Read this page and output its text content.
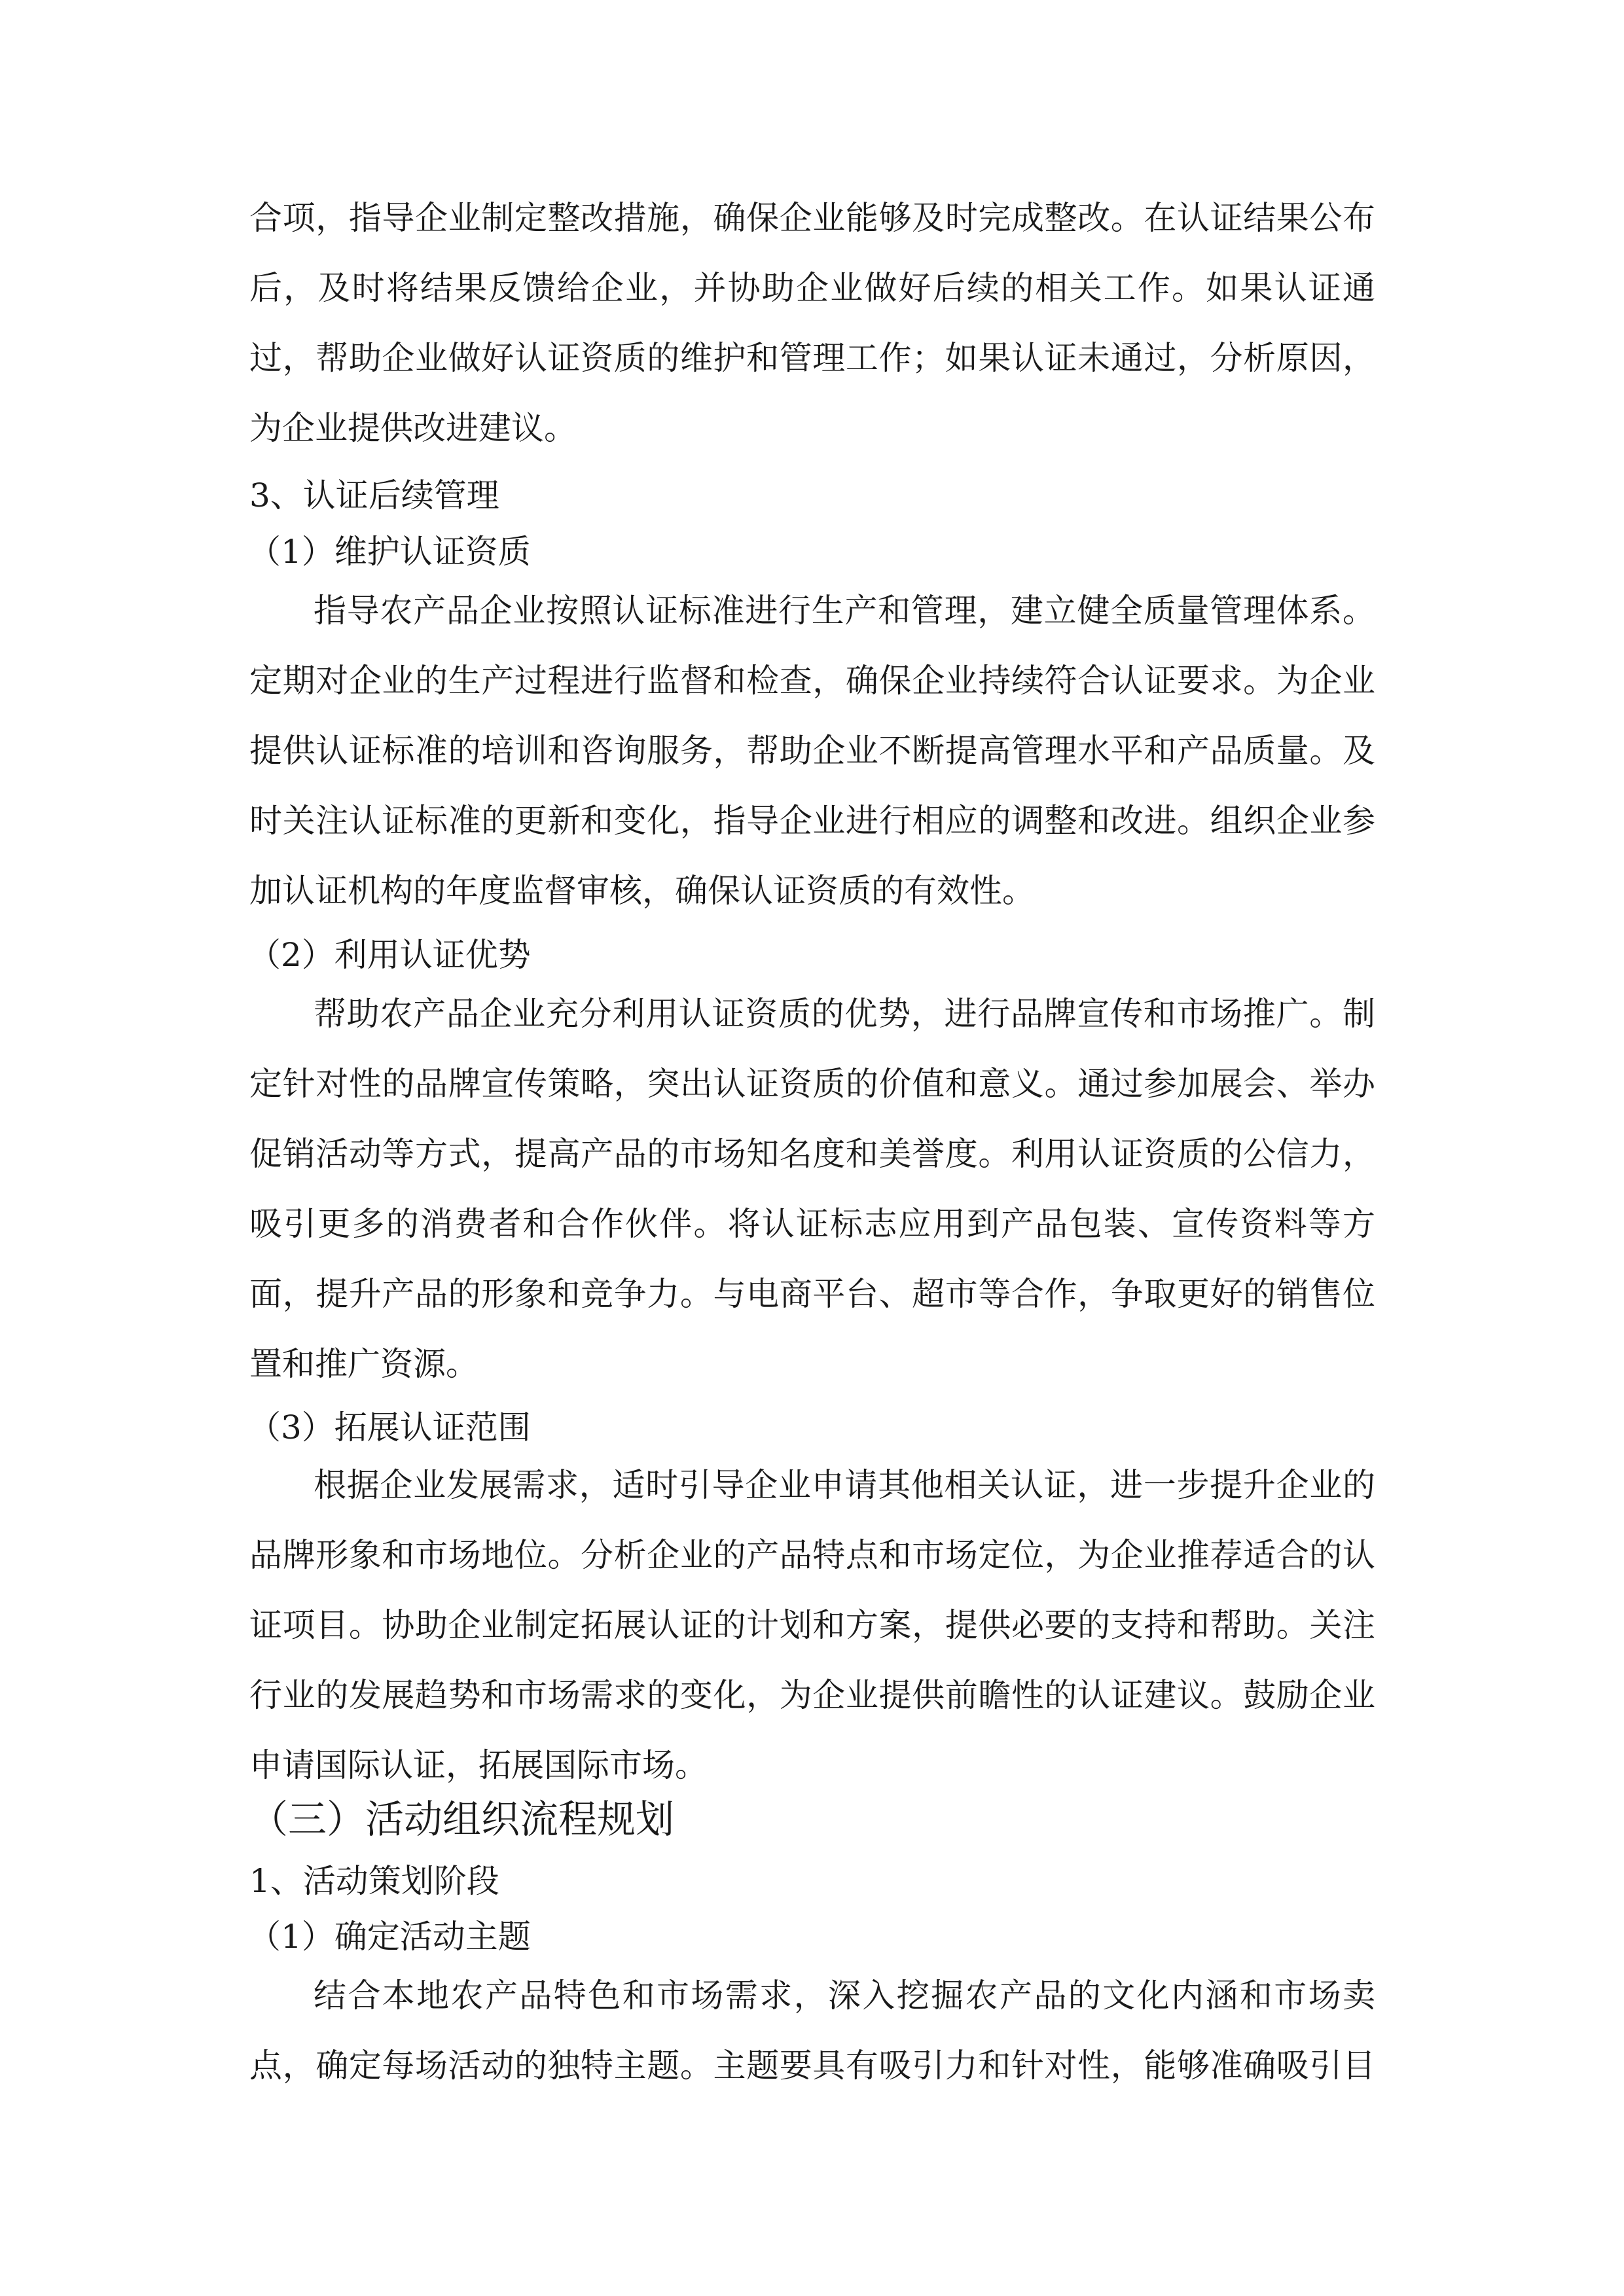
合项，指导企业制定整改措施，确保企业能够及时完成整改。在认证结果公布
后，及时将结果反馈给企业，并协助企业做好后续的相关工作。如果认证通
过，帮助企业做好认证资质的维护和管理工作；如果认证未通过，分析原因，
为企业提供改进建议。
3、认证后续管理
（1）维护认证资质
指导农产品企业按照认证标准进行生产和管理，建立健全质量管理体系。
定期对企业的生产过程进行监督和检查，确保企业持续符合认证要求。为企业
提供认证标准的培训和咨询服务，帮助企业不断提高管理水平和产品质量。及
时关注认证标准的更新和变化，指导企业进行相应的调整和改进。组织企业参
加认证机构的年度监督审核，确保认证资质的有效性。
（2）利用认证优势
帮助农产品企业充分利用认证资质的优势，进行品牌宣传和市场推广。制
定针对性的品牌宣传策略，突出认证资质的价值和意义。通过参加展会、举办
促销活动等方式，提高产品的市场知名度和美誉度。利用认证资质的公信力，
吸引更多的消费者和合作伙伴。将认证标志应用到产品包装、宣传资料等方
面，提升产品的形象和竞争力。与电商平台、超市等合作，争取更好的销售位
置和推广资源。
（3）拓展认证范围
根据企业发展需求，适时引导企业申请其他相关认证，进一步提升企业的
品牌形象和市场地位。分析企业的产品特点和市场定位，为企业推荐适合的认
证项目。协助企业制定拓展认证的计划和方案，提供必要的支持和帮助。关注
行业的发展趋势和市场需求的变化，为企业提供前瞻性的认证建议。鼓励企业
申请国际认证，拓展国际市场。
（三）活动组织流程规划
1、活动策划阶段
（1）确定活动主题
结合本地农产品特色和市场需求，深入挖掘农产品的文化内涵和市场卖
点，确定每场活动的独特主题。主题要具有吸引力和针对性，能够准确吸引目
